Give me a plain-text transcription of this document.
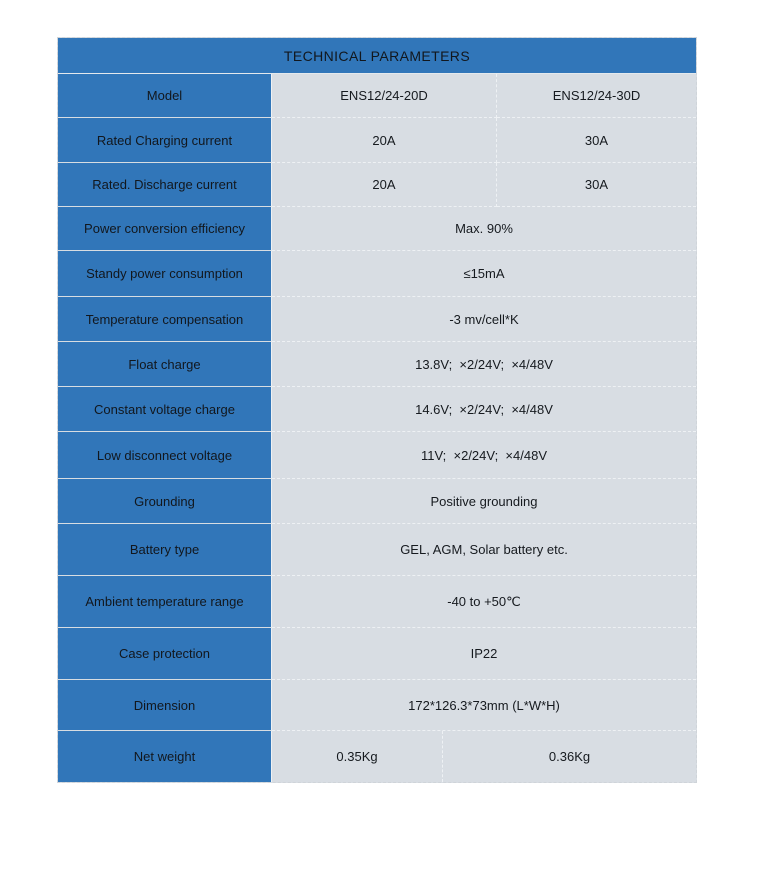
TECHNICAL PARAMETERS
Model	ENS12/24-20D	ENS12/24-30D
Rated Charging current	20A	30A
Rated. Discharge current	20A	30A
Power conversion efficiency	Max. 90%
Standy power consumption	≤15mA
Temperature compensation	-3 mv/cell*K
Float charge	13.8V;  ×2/24V;  ×4/48V
Constant voltage charge	14.6V;  ×2/24V;  ×4/48V
Low disconnect voltage	11V;  ×2/24V;  ×4/48V
Grounding	Positive grounding
Battery type	GEL, AGM, Solar battery etc.
Ambient temperature range	-40 to +50℃
Case protection	IP22
Dimension	172*126.3*73mm (L*W*H)
Net weight	0.35Kg	0.36Kg
